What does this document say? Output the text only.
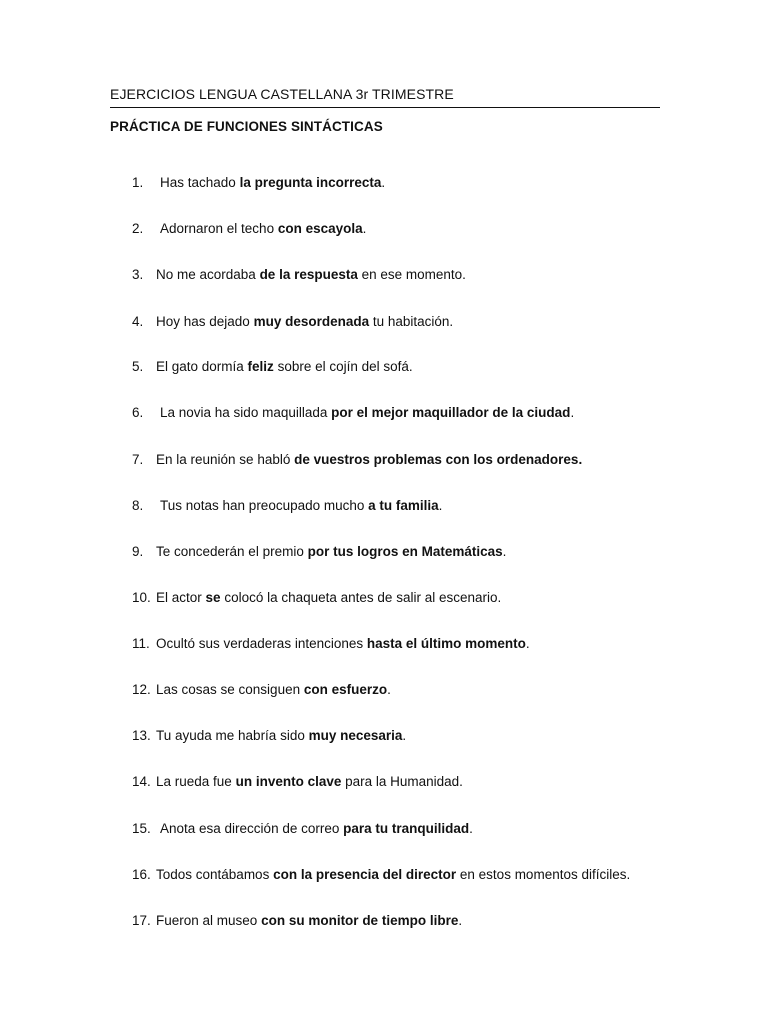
EJERCICIOS LENGUA CASTELLANA 3r TRIMESTRE
PRÁCTICA DE FUNCIONES SINTÁCTICAS
1. Has tachado la pregunta incorrecta.
2. Adornaron el techo con escayola.
3. No me acordaba de la respuesta en ese momento.
4. Hoy has dejado muy desordenada tu habitación.
5. El gato dormía feliz sobre el cojín del sofá.
6. La novia ha sido maquillada por el mejor maquillador de la ciudad.
7. En la reunión se habló de vuestros problemas con los ordenadores.
8. Tus notas han preocupado mucho a tu familia.
9. Te concederán el premio por tus logros en Matemáticas.
10. El actor se colocó la chaqueta antes de salir al escenario.
11. Ocultó sus verdaderas intenciones hasta el último momento.
12. Las cosas se consiguen con esfuerzo.
13. Tu ayuda me habría sido muy necesaria.
14. La rueda fue un invento clave para la Humanidad.
15. Anota esa dirección de correo para tu tranquilidad.
16. Todos contábamos con la presencia del director en estos momentos difíciles.
17. Fueron al museo con su monitor de tiempo libre.
